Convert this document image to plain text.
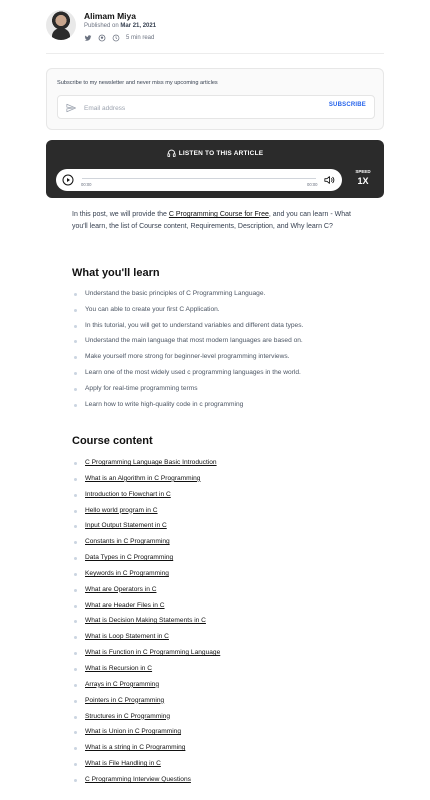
Alimam Miya
Published on Mar 21, 2021
5 min read
Subscribe to my newsletter and never miss my upcoming articles
Email address
SUBSCRIBE
LISTEN TO THIS ARTICLE
00:00	00:00
SPEED
1X

In this post, we will provide the C Programming Course for Free, and you can learn - What you'll learn, the list of Course content, Requirements, Description, and Why learn C?

What you'll learn
Understand the basic principles of C Programming Language.
You can able to create your first C Application.
In this tutorial, you will get to understand variables and different data types.
Understand the main language that most modern languages are based on.
Make yourself more strong for beginner-level programming interviews.
Learn one of the most widely used c programming languages in the world.
Apply for real-time programming terms
Learn how to write high-quality code in c programming
Course content
C Programming Language Basic Introduction
What is an Algorithm in C Programming
Introduction to Flowchart in C
Hello world program in C
Input Output Statement in C
Constants in C Programming
Data Types in C Programming
Keywords in C Programming
What are Operators in C
What are Header Files in C
What is Decision Making Statements in C
What is Loop Statement in C
What is Function in C Programming Language
What is Recursion in C
Arrays in C Programming
Pointers in C Programming
Structures in C Programming
What is Union in C Programming
What is a string in C Programming
What is File Handling in C
C Programming Interview Questions
